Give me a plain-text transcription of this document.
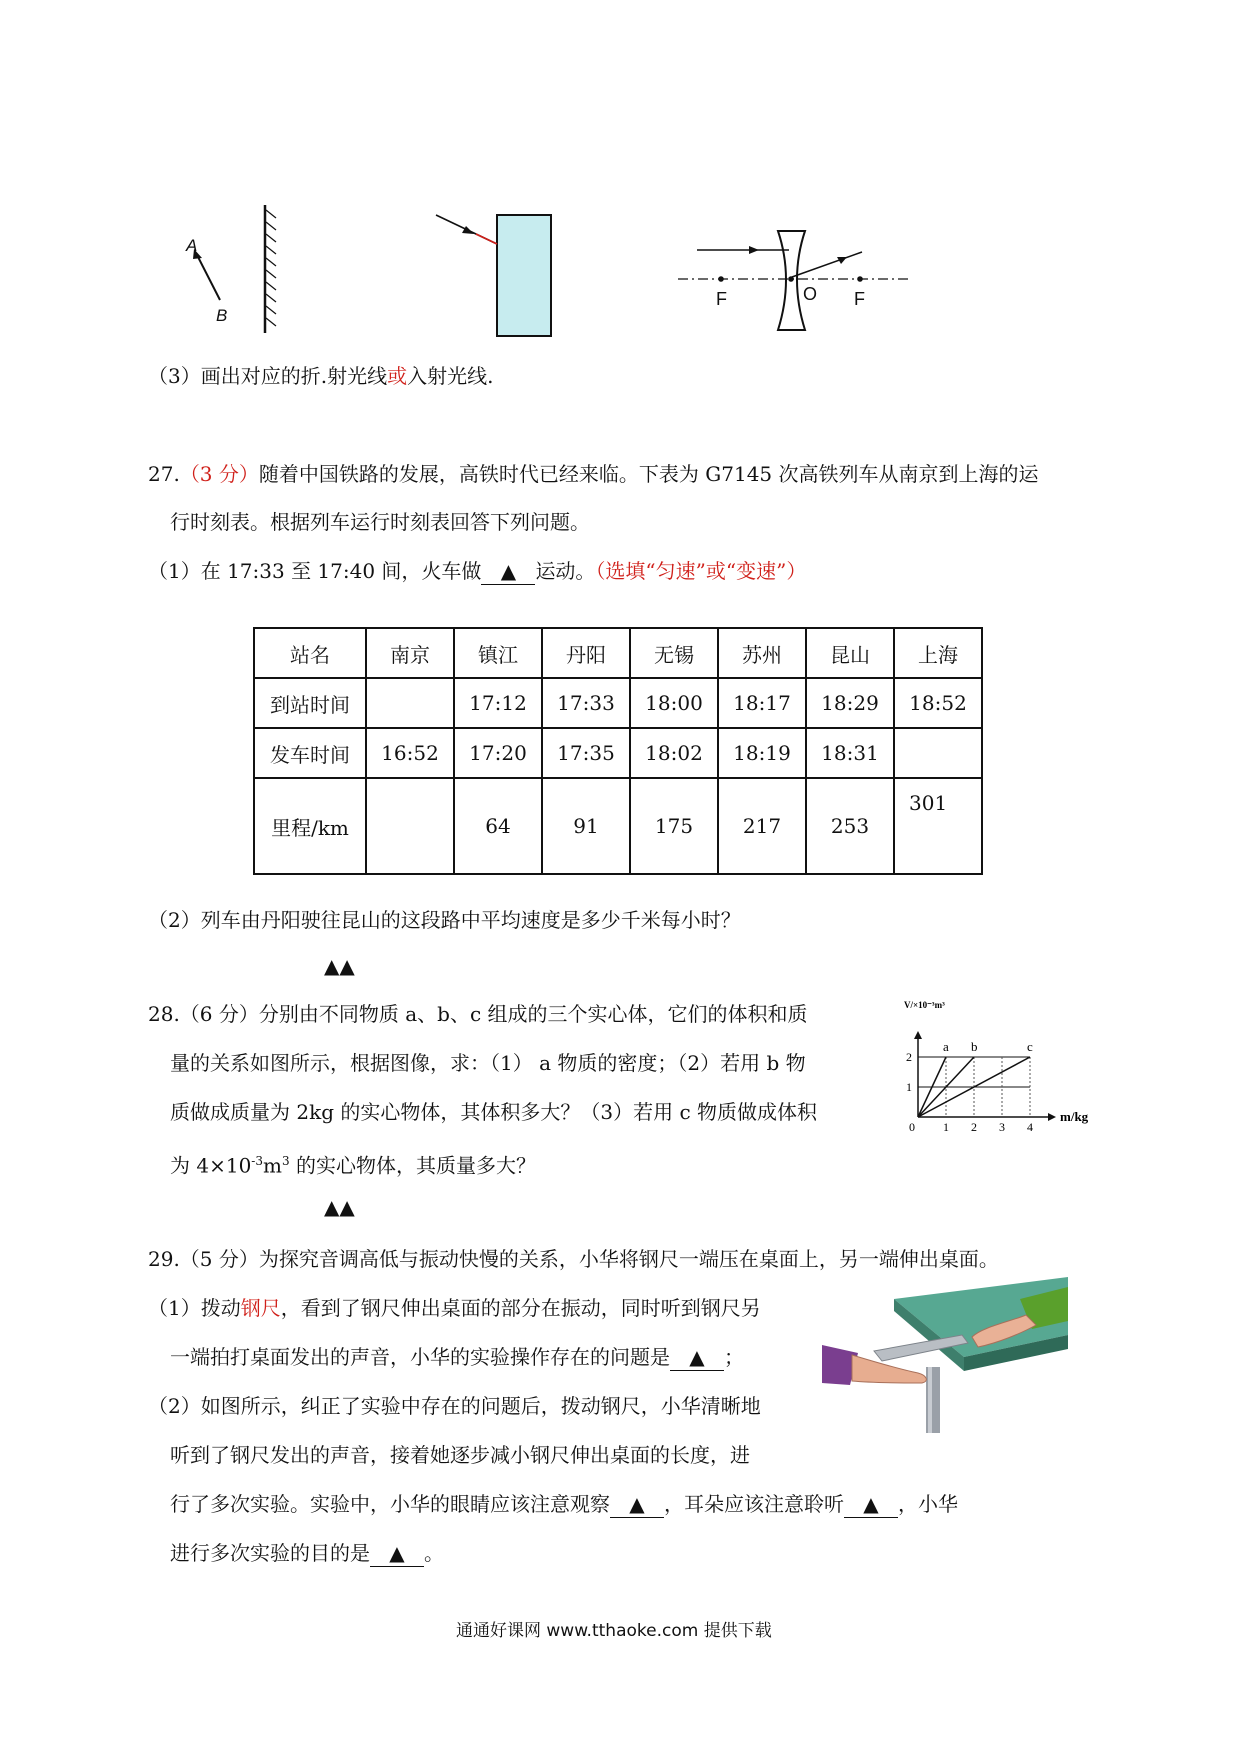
A
B
F	O F
（3）画出对应的折.射光线或入射光线.
27.（3 分）随着中国铁路的发展，高铁时代已经来临。下表为 G7145 次高铁列车从南京到上海的运
行时刻表。根据列车运行时刻表回答下列问题。
（1）在 17:33 至 17:40 间，火车做 ▲ 运动。（选填“匀速”或“变速”）
站名	南京	镇江	丹阳	无锡	苏州	昆山	上海
到站时间		17:12	17:33	18:00	18:17	18:29	18:52
发车时间	16:52	17:20	17:35	18:02	18:19	18:31	
里程/km		64	91	175	217	253	301
（2）列车由丹阳驶往昆山的这段路中平均速度是多少千米每小时？
▲▲
28.（6 分）分别由不同物质 a、b、c 组成的三个实心体，它们的体积和质
量的关系如图所示，根据图像，求：（1） a 物质的密度；（2）若用 b 物
质做成质量为 2kg 的实心物体，其体积多大？（3）若用 c 物质做成体积
为 $4\times 10^{-3}m^3$ 的实心物体，其质量多大？
▲▲
a b	c
0 1 2 3 4
1
2
V/×10⁻³m³
m/kg
29.（5 分）为探究音调高低与振动快慢的关系，小华将钢尺一端压在桌面上，另一端伸出桌面。
（1）拨动钢尺，看到了钢尺伸出桌面的部分在振动，同时听到钢尺另
一端拍打桌面发出的声音，小华的实验操作存在的问题是 ▲ ；
（2）如图所示，纠正了实验中存在的问题后，拨动钢尺，小华清晰地
听到了钢尺发出的声音，接着她逐步减小钢尺伸出桌面的长度，进
行了多次实验。实验中，小华的眼睛应该注意观察 ▲ ，耳朵应该注意聆听 ▲ ，小华
进行多次实验的目的是 ▲ 。
通通好课网 www.tthaoke.com 提供下载
